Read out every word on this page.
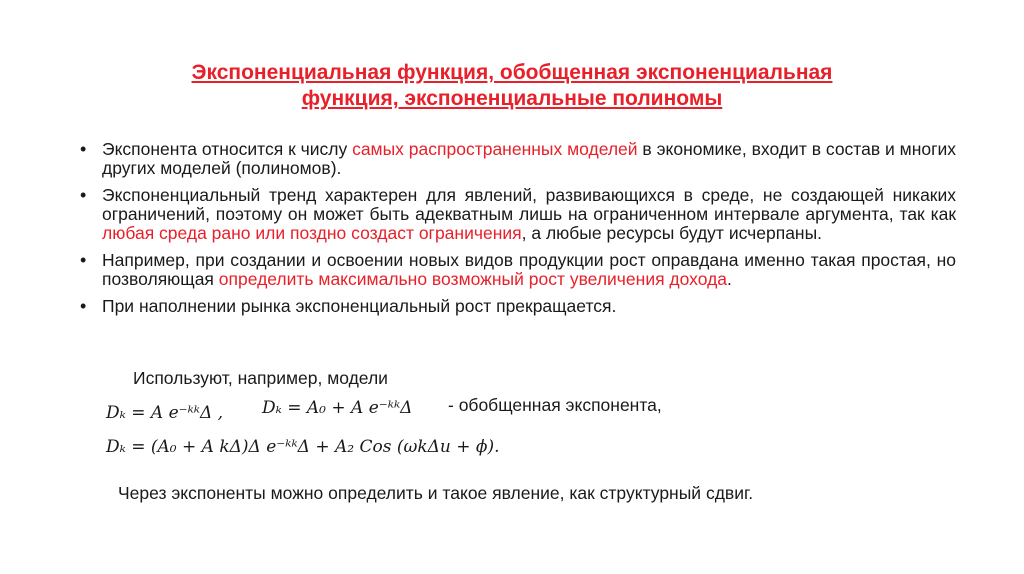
Экспоненциальная функция, обобщенная экспоненциальная
функция, экспоненциальные полиномы
• Экспонента относится к числу самых распространенных моделей в экономике, входит в состав и многих других моделей (полиномов).
• Экспоненциальный тренд характерен для явлений, развивающихся в среде, не создающей никаких ограничений, поэтому он может быть адекватным лишь на ограниченном интервале аргумента, так как любая среда рано или поздно создаст ограничения, а любые ресурсы будут исчерпаны.
• Например, при создании и освоении новых видов продукции рост оправдана именно такая простая, но позволяющая определить максимально возможный рост увеличения дохода.
• При наполнении рынка экспоненциальный рост прекращается.
Используют, например, модели
Dₖ = A e⁻ᵏᵏΔ , Dₖ = A₀ + A e⁻ᵏᵏΔ - обобщенная экспонента,
Dₖ = (A₀ + A kΔ)Δ e⁻ᵏᵏΔ + A₂ Cos (ωkΔи + ϕ).
Через экспоненты можно определить и такое явление, как структурный сдвиг.
